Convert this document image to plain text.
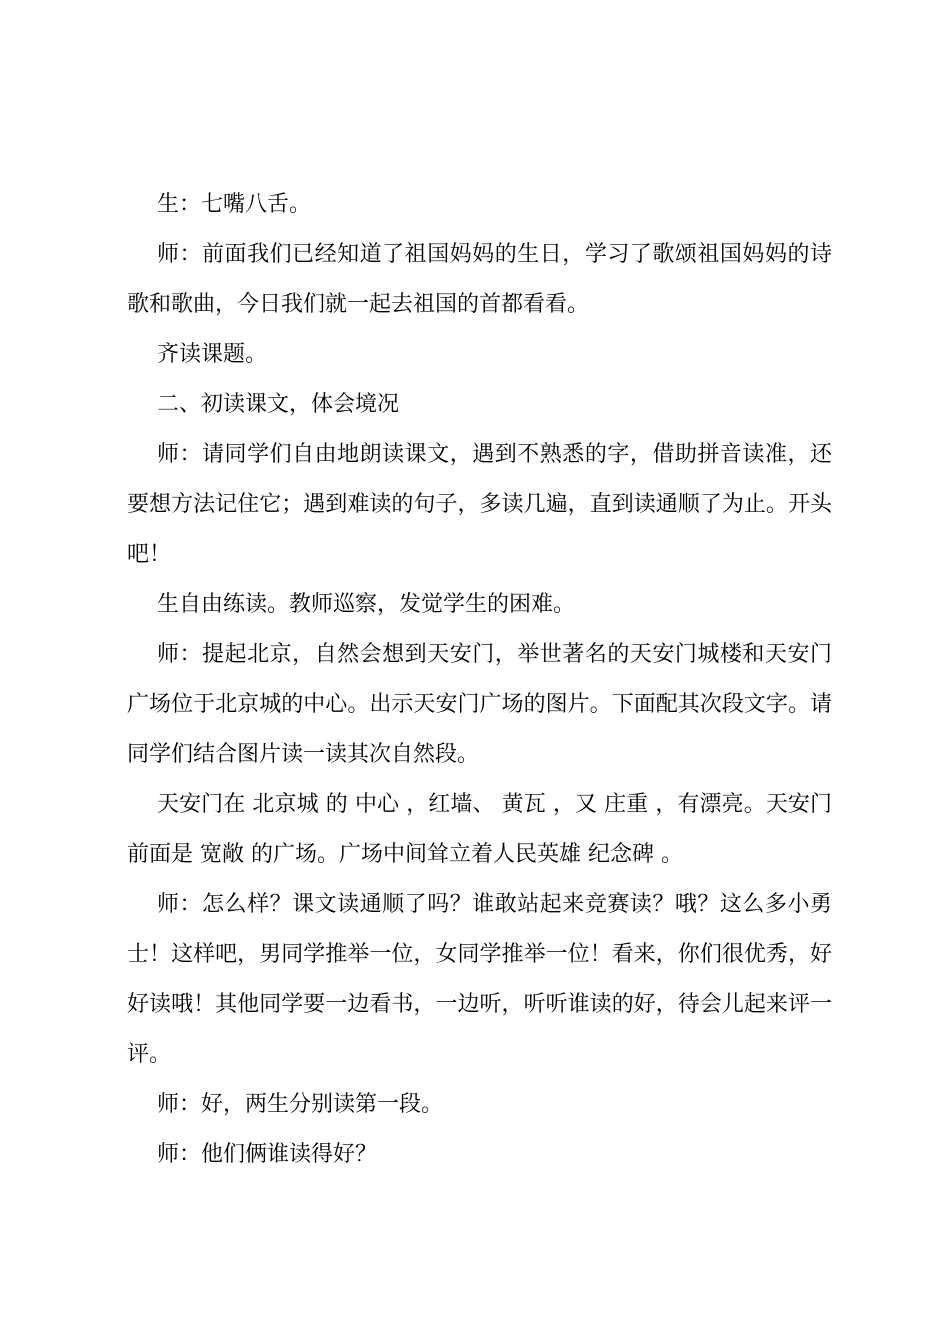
生：七嘴八舌。

师：前面我们已经知道了祖国妈妈的生日，学习了歌颂祖国妈妈的诗歌和歌曲，今日我们就一起去祖国的首都看看。

齐读课题。

二、初读课文，体会境况

师：请同学们自由地朗读课文，遇到不熟悉的字，借助拼音读准，还要想方法记住它；遇到难读的句子，多读几遍，直到读通顺了为止。开头吧！

生自由练读。教师巡察，发觉学生的困难。

师：提起北京，自然会想到天安门，举世著名的天安门城楼和天安门广场位于北京城的中心。出示天安门广场的图片。下面配其次段文字。请同学们结合图片读一读其次自然段。

天安门在 北京城 的 中心 ，红墙、 黄瓦 ，又 庄重 ，有漂亮。天安门前面是 宽敞 的广场。广场中间耸立着人民英雄 纪念碑 。

师：怎么样？课文读通顺了吗？谁敢站起来竞赛读？哦？这么多小勇士！这样吧，男同学推举一位，女同学推举一位！看来，你们很优秀，好好读哦！其他同学要一边看书，一边听，听听谁读的好，待会儿起来评一评。

师：好，两生分别读第一段。

师：他们俩谁读得好？
